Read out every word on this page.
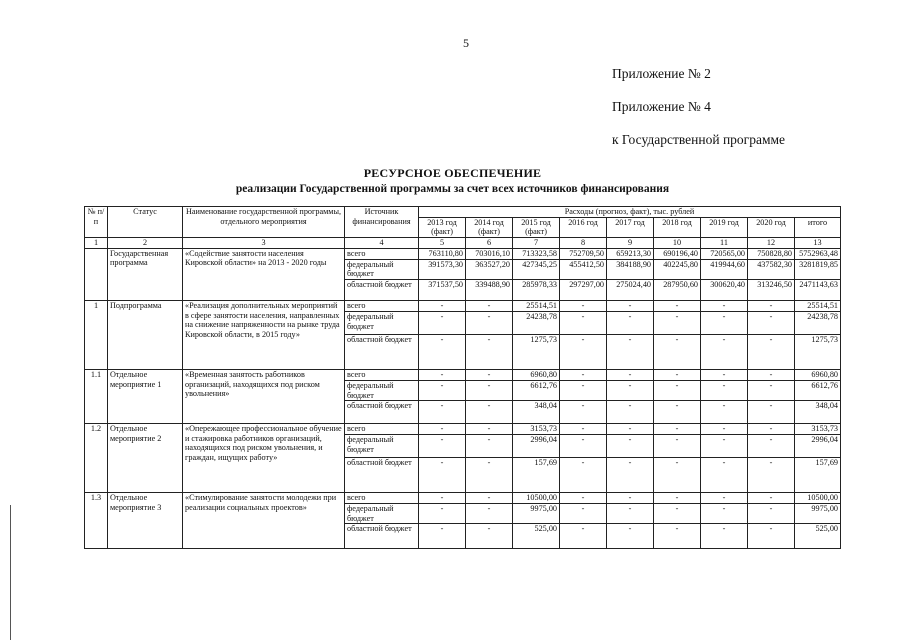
5
Приложение № 2
Приложение № 4
к Государственной программе
РЕСУРСНОЕ ОБЕСПЕЧЕНИЕ
реализации Государственной программы за счет всех источников финансирования
№ п/п	Статус	Наименование государственной программы, отдельного мероприятия	Источник финансирования	Расходы (прогноз, факт), тыс. рублей								
				2013 год (факт)	2014 год (факт)	2015 год (факт)	2016 год	2017 год	2018 год	2019 год	2020 год	итого
1	2	3	4	5	6	7	8	9	10	11	12	13
	Государственная программа	«Содействие занятости населения Кировской области» на 2013 - 2020 годы	всего	763110,80	703016,10	713323,58	752709,50	659213,30	690196,40	720565,00	750828,80	5752963,48
			федеральный бюджет	391573,30	363527,20	427345,25	455412,50	384188,90	402245,80	419944,60	437582,30	3281819,85
			областной бюджет	371537,50	339488,90	285978,33	297297,00	275024,40	287950,60	300620,40	313246,50	2471143,63
1	Подпрограмма	«Реализация дополнительных мероприятий в сфере занятости населения, направленных на снижение напряженности на рынке труда Кировской области, в 2015 году»	всего	-	-	25514,51	-	-	-	-	-	25514,51
			федеральный бюджет	-	-	24238,78	-	-	-	-	-	24238,78
			областной бюджет	-	-	1275,73	-	-	-	-	-	1275,73
1.1	Отдельное мероприятие 1	«Временная занятость работников организаций, находящихся под риском увольнения»	всего	-	-	6960,80	-	-	-	-	-	6960,80
			федеральный бюджет	-	-	6612,76	-	-	-	-	-	6612,76
			областной бюджет	-	-	348,04	-	-	-	-	-	348,04
1.2	Отдельное мероприятие 2	«Опережающее профессиональное обучение и стажировка работников организаций, находящихся под риском увольнения, и граждан, ищущих работу»	всего	-	-	3153,73	-	-	-	-	-	3153,73
			федеральный бюджет	-	-	2996,04	-	-	-	-	-	2996,04
			областной бюджет	-	-	157,69	-	-	-	-	-	157,69
1.3	Отдельное мероприятие 3	«Стимулирование занятости молодежи при реализации социальных проектов»	всего	-	-	10500,00	-	-	-	-	-	10500,00
			федеральный бюджет	-	-	9975,00	-	-	-	-	-	9975,00
			областной бюджет	-	-	525,00	-	-	-	-	-	525,00
